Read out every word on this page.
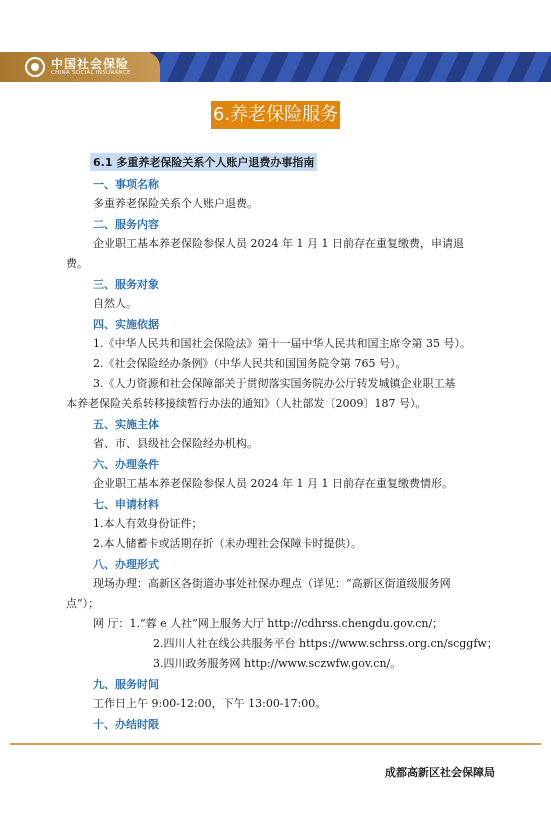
中国社会保险
CHINA SOCIAL INSURANCE
6.养老保险服务
6.1 多重养老保险关系个人账户退费办事指南
一、事项名称
多重养老保险关系个人账户退费。
二、服务内容
企业职工基本养老保险参保人员 2024 年 1 月 1 日前存在重复缴费，申请退
费。
三、服务对象
自然人。
四、实施依据
1.《中华人民共和国社会保险法》第十一届中华人民共和国主席令第 35 号）。
2.《社会保险经办条例》（中华人民共和国国务院令第 765 号）。
3.《人力资源和社会保障部关于贯彻落实国务院办公厅转发城镇企业职工基
本养老保险关系转移接续暂行办法的通知》（人社部发〔2009〕187 号）。
五、实施主体
省、市、县级社会保险经办机构。
六、办理条件
企业职工基本养老保险参保人员 2024 年 1 月 1 日前存在重复缴费情形。
七、申请材料
1.本人有效身份证件；
2.本人储蓄卡或活期存折（未办理社会保障卡时提供）。
八、办理形式
现场办理：高新区各街道办事处社保办理点（详见：“高新区街道级服务网
点”）；
网 厅：1.“蓉 e 人社”网上服务大厅 http://cdhrss.chengdu.gov.cn/；
2.四川人社在线公共服务平台 https://www.schrss.org.cn/scggfw；
3.四川政务服务网 http://www.sczwfw.gov.cn/。
九、服务时间
工作日上午 9:00-12:00，下午 13:00-17:00。
十、办结时限
成都高新区社会保障局
